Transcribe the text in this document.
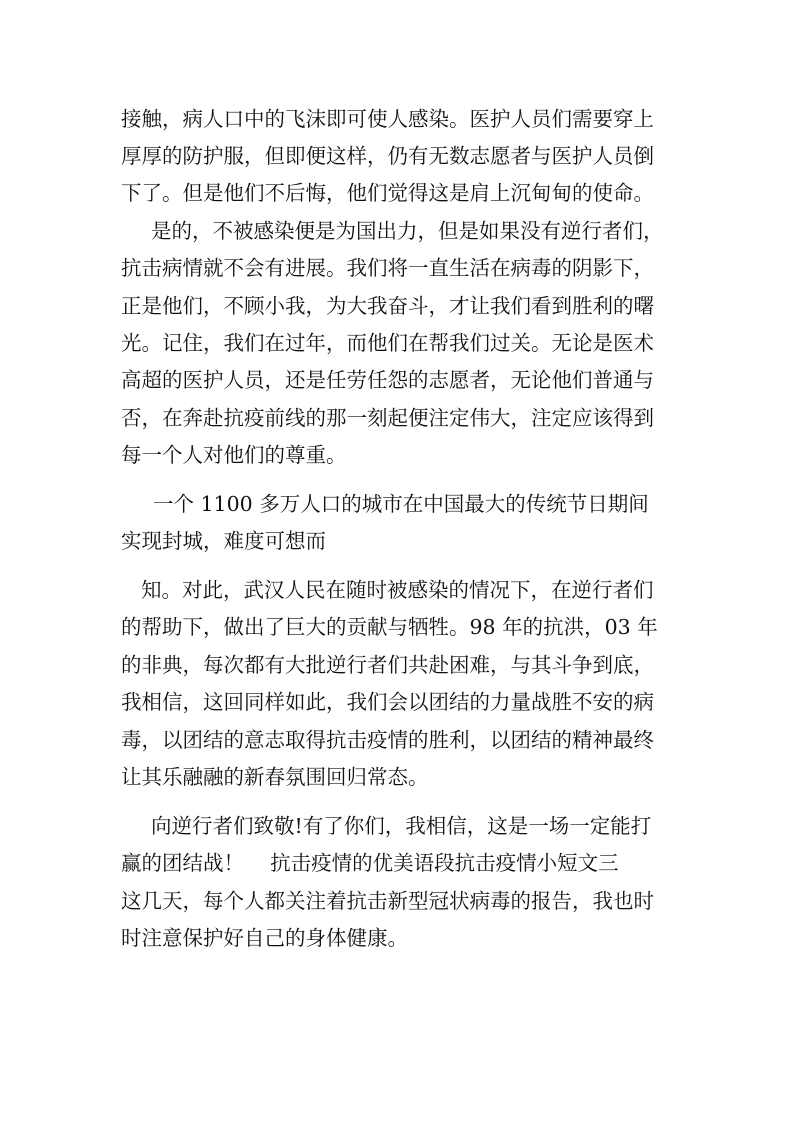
接触，病人口中的飞沫即可使人感染。医护人员们需要穿上
厚厚的防护服，但即便这样，仍有无数志愿者与医护人员倒
下了。但是他们不后悔，他们觉得这是肩上沉甸甸的使命。
是的，不被感染便是为国出力，但是如果没有逆行者们，
抗击病情就不会有进展。我们将一直生活在病毒的阴影下，
正是他们，不顾小我，为大我奋斗，才让我们看到胜利的曙
光。记住，我们在过年，而他们在帮我们过关。无论是医术
高超的医护人员，还是任劳任怨的志愿者，无论他们普通与
否，在奔赴抗疫前线的那一刻起便注定伟大，注定应该得到
每一个人对他们的尊重。
一个 1100 多万人口的城市在中国最大的传统节日期间
实现封城，难度可想而
知。对此，武汉人民在随时被感染的情况下，在逆行者们
的帮助下，做出了巨大的贡献与牺牲。98 年的抗洪，03 年
的非典，每次都有大批逆行者们共赴困难，与其斗争到底，
我相信，这回同样如此，我们会以团结的力量战胜不安的病
毒，以团结的意志取得抗击疫情的胜利，以团结的精神最终
让其乐融融的新春氛围回归常态。
向逆行者们致敬!有了你们，我相信，这是一场一定能打
赢的团结战！    抗击疫情的优美语段抗击疫情小短文三
这几天，每个人都关注着抗击新型冠状病毒的报告，我也时
时注意保护好自己的身体健康。
